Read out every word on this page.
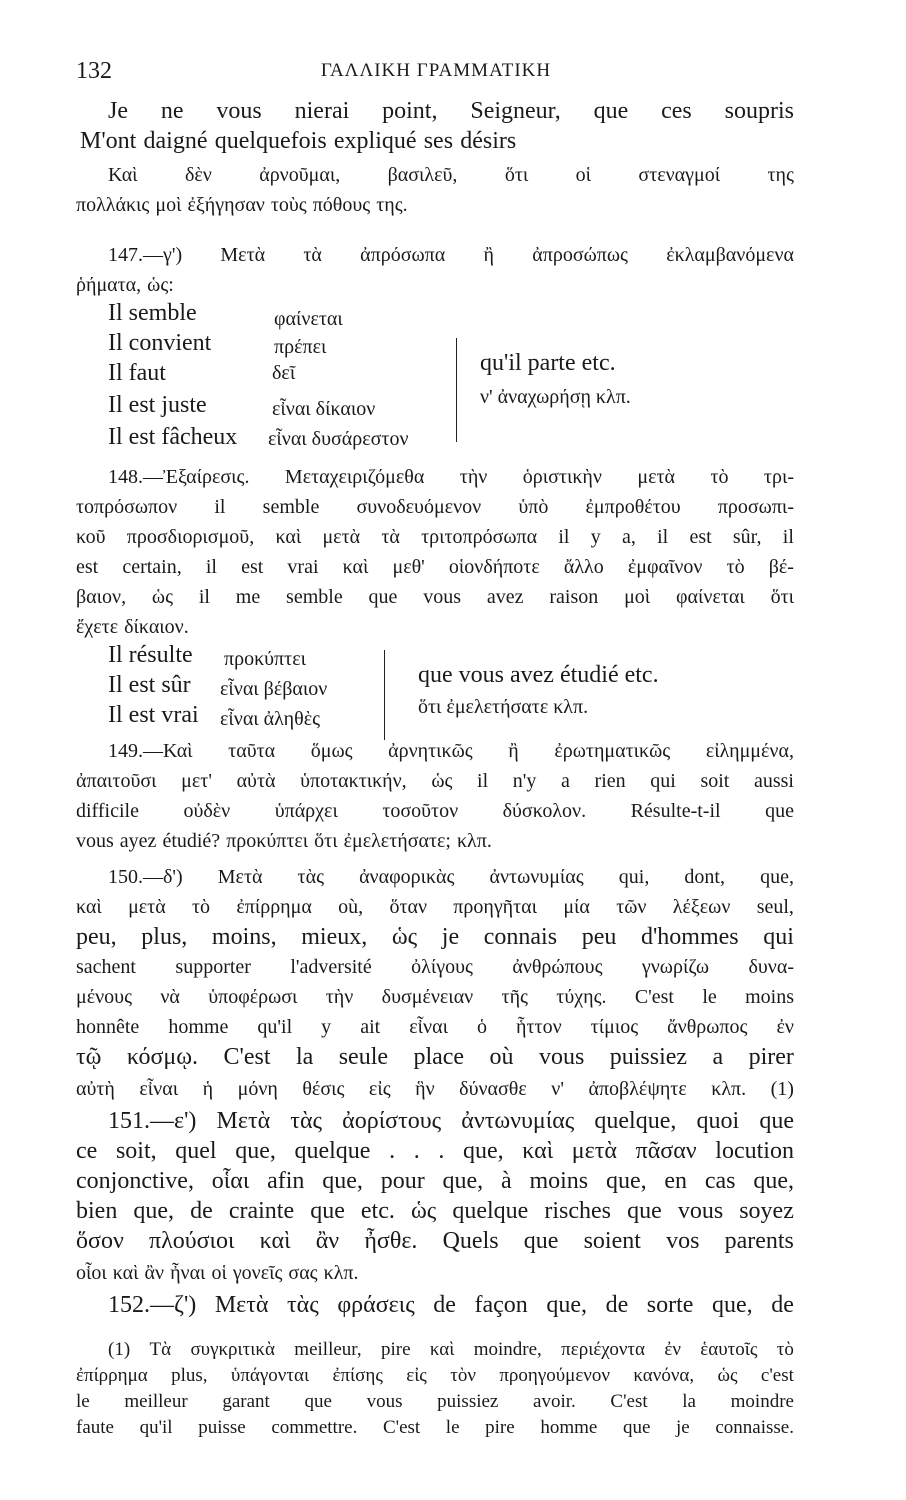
132	ΓΑΛΛΙΚΗ ΓΡΑΜΜΑΤΙΚΗ
Je ne vous nierai point, Seigneur, que ces soupris
M'ont daigné quelquefois expliqué ses désirs
Καὶ δὲν ἀρνοῦμαι, βασιλεῦ, ὅτι οἱ στεναγμοί της
πολλάκις μοὶ ἐξήγησαν τοὺς πόθους της.
147.—γ') Μετὰ τὰ ἀπρόσωπα ἢ ἀπροσώπως ἐκλαμβανόμενα
ῥήματα, ὡς:
Il semble	φαίνεται
Il convient	πρέπει
Il faut	δεῖ
Il est juste	εἶναι δίκαιον
Il est fâcheux εἶναι δυσάρεστον
qu'il parte etc.
ν' ἀναχωρήσῃ κλπ.
148.—Ἐξαίρεσις. Μεταχειριζόμεθα τὴν ὁριστικὴν μετὰ τὸ τρι-
τοπρόσωπον il semble συνοδευόμενον ὑπὸ ἐμπροθέτου προσωπι-
κοῦ προσδιορισμοῦ, καὶ μετὰ τὰ τριτοπρόσωπα il y a, il est sûr, il
est certain, il est vrai καὶ μεθ' οἱονδήποτε ἄλλο ἐμφαῖνον τὸ βέ-
βαιον, ὡς il me semble que vous avez raison μοὶ φαίνεται ὅτι
ἔχετε δίκαιον.
Il résulte προκύπτει
Il est sûr εἶναι βέβαιον
Il est vrai εἶναι ἀληθὲς
que vous avez étudié etc.
ὅτι ἐμελετήσατε κλπ.
149.—Καὶ ταῦτα ὅμως ἀρνητικῶς ἢ ἐρωτηματικῶς εἰλημμένα,
ἀπαιτοῦσι μετ' αὐτὰ ὑποτακτικήν, ὡς il n'y a rien qui soit aussi
difficile οὐδὲν ὑπάρχει τοσοῦτον δύσκολον. Résulte-t-il que
vous ayez étudié? προκύπτει ὅτι ἐμελετήσατε; κλπ.
150.—δ') Μετὰ τὰς ἀναφορικὰς ἀντωνυμίας qui, dont, que,
καὶ μετὰ τὸ ἐπίρρημα où, ὅταν προηγῆται μία τῶν λέξεων seul,
peu, plus, moins, mieux, ὡς je connais peu d'hommes qui
sachent supporter l'adversité ὀλίγους ἀνθρώπους γνωρίζω δυνα-
μένους νὰ ὑποφέρωσι τὴν δυσμένειαν τῆς τύχης. C'est le moins
honnête homme qu'il y ait εἶναι ὁ ἧττον τίμιος ἄνθρωπος ἐν
τῷ κόσμῳ. C'est la seule place où vous puissiez a pirer
αὐτὴ εἶναι ἡ μόνη θέσις εἰς ἣν δύνασθε ν' ἀποβλέψητε κλπ. (1)
151.—ε') Μετὰ τὰς ἀορίστους ἀντωνυμίας quelque, quoi que
ce soit, quel que, quelque . . . que, καὶ μετὰ πᾶσαν locution
conjonctive, οἷαι afin que, pour que, à moins que, en cas que,
bien que, de crainte que etc. ὡς quelque risches que vous soyez
ὅσον πλούσιοι καὶ ἂν ἦσθε. Quels que soient vos parents
οἷοι καὶ ἂν ἦναι οἱ γονεῖς σας κλπ.
152.—ζ') Μετὰ τὰς φράσεις de façon que, de sorte que, de
(1) Τὰ συγκριτικὰ meilleur, pire καὶ moindre, περιέχοντα ἐν ἑαυτοῖς τὸ
ἐπίρρημα plus, ὑπάγονται ἐπίσης εἰς τὸν προηγούμενον κανόνα, ὡς c'est
le meilleur garant que vous puissiez avoir. C'est la moindre
faute qu'il puisse commettre. C'est le pire homme que je connaisse.
